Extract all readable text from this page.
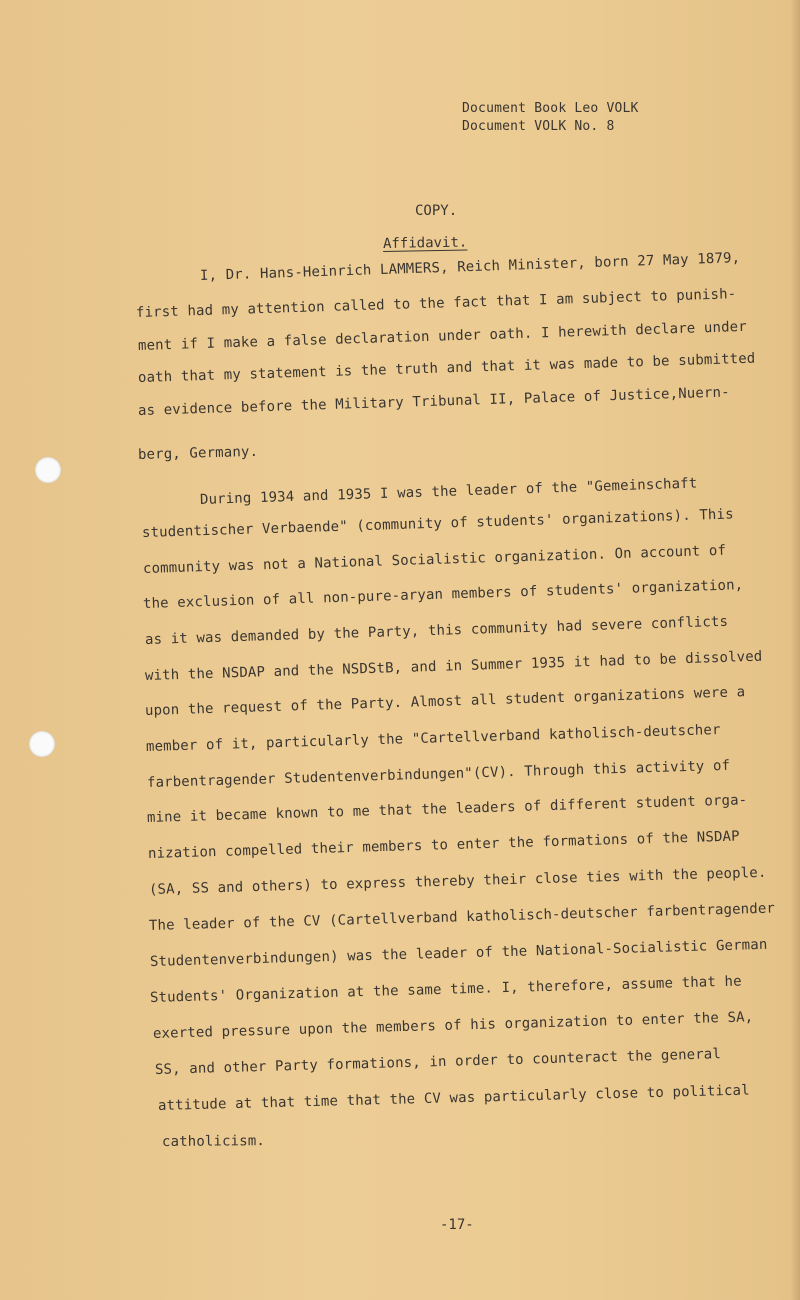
Document Book Leo VOLK
Document VOLK No. 8
COPY.
Affidavit.
I, Dr. Hans-Heinrich LAMMERS, Reich Minister, born 27 May 1879,
first had my attention called to the fact that I am subject to punish-
ment if I make a false declaration under oath. I herewith declare under
oath that my statement is the truth and that it was made to be submitted
as evidence before the Military Tribunal II, Palace of Justice,Nuern-
berg, Germany.
During 1934 and 1935 I was the leader of the "Gemeinschaft
studentischer Verbaende" (community of students' organizations). This
community was not a National Socialistic organization. On account of
the exclusion of all non-pure-aryan members of students' organization,
as it was demanded by the Party, this community had severe conflicts
with the NSDAP and the NSDStB, and in Summer 1935 it had to be dissolved
upon the request of the Party. Almost all student organizations were a
member of it, particularly the "Cartellverband katholisch-deutscher
farbentragender Studentenverbindungen"(CV). Through this activity of
mine it became known to me that the leaders of different student orga-
nization compelled their members to enter the formations of the NSDAP
(SA, SS and others) to express thereby their close ties with the people.
The leader of the CV (Cartellverband katholisch-deutscher farbentragender
Studentenverbindungen) was the leader of the National-Socialistic German
Students' Organization at the same time. I, therefore, assume that he
exerted pressure upon the members of his organization to enter the SA,
SS, and other Party formations, in order to counteract the general
attitude at that time that the CV was particularly close to political
catholicism.
-17-
